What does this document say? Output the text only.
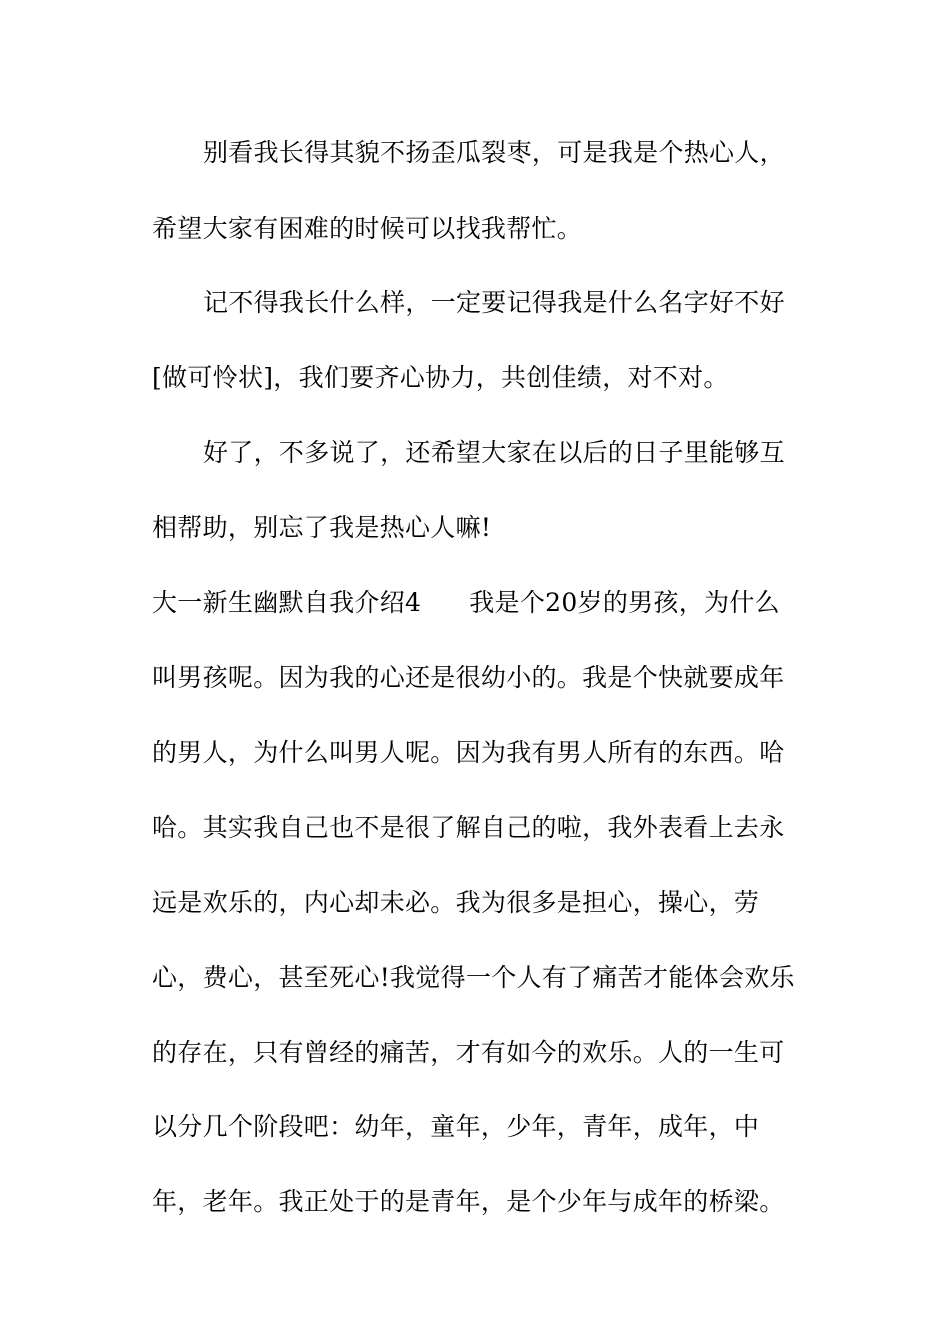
别看我长得其貌不扬歪瓜裂枣，可是我是个热心人，
希望大家有困难的时候可以找我帮忙。
记不得我长什么样，一定要记得我是什么名字好不好
[做可怜状]，我们要齐心协力，共创佳绩，对不对。
好了，不多说了，还希望大家在以后的日子里能够互
相帮助，别忘了我是热心人嘛!
大一新生幽默自我介绍4 我是个20岁的男孩，为什么
叫男孩呢。因为我的心还是很幼小的。我是个快就要成年
的男人，为什么叫男人呢。因为我有男人所有的东西。哈
哈。其实我自己也不是很了解自己的啦，我外表看上去永
远是欢乐的，内心却未必。我为很多是担心，操心，劳
心，费心，甚至死心!我觉得一个人有了痛苦才能体会欢乐
的存在，只有曾经的痛苦，才有如今的欢乐。人的一生可
以分几个阶段吧：幼年，童年，少年，青年，成年，中
年，老年。我正处于的是青年，是个少年与成年的桥梁。
